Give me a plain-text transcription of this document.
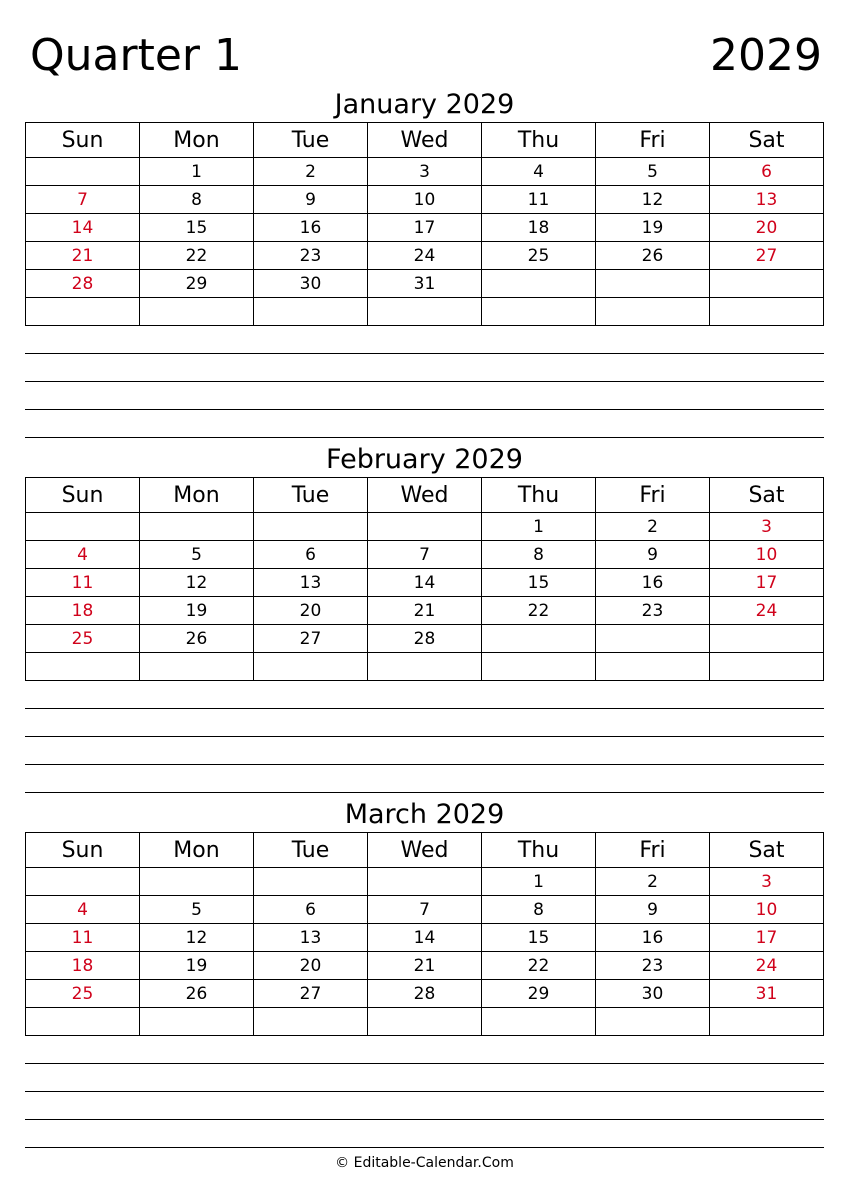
Quarter 1	2029
January 2029
Sun	Mon	Tue	Wed	Thu	Fri	Sat
	1	2	3	4	5	6
7	8	9	10	11	12	13
14	15	16	17	18	19	20
21	22	23	24	25	26	27
28	29	30	31			

February 2029
Sun	Mon	Tue	Wed	Thu	Fri	Sat
				1	2	3
4	5	6	7	8	9	10
11	12	13	14	15	16	17
18	19	20	21	22	23	24
25	26	27	28			

March 2029
Sun	Mon	Tue	Wed	Thu	Fri	Sat
				1	2	3
4	5	6	7	8	9	10
11	12	13	14	15	16	17
18	19	20	21	22	23	24
25	26	27	28	29	30	31

© Editable-Calendar.Com
